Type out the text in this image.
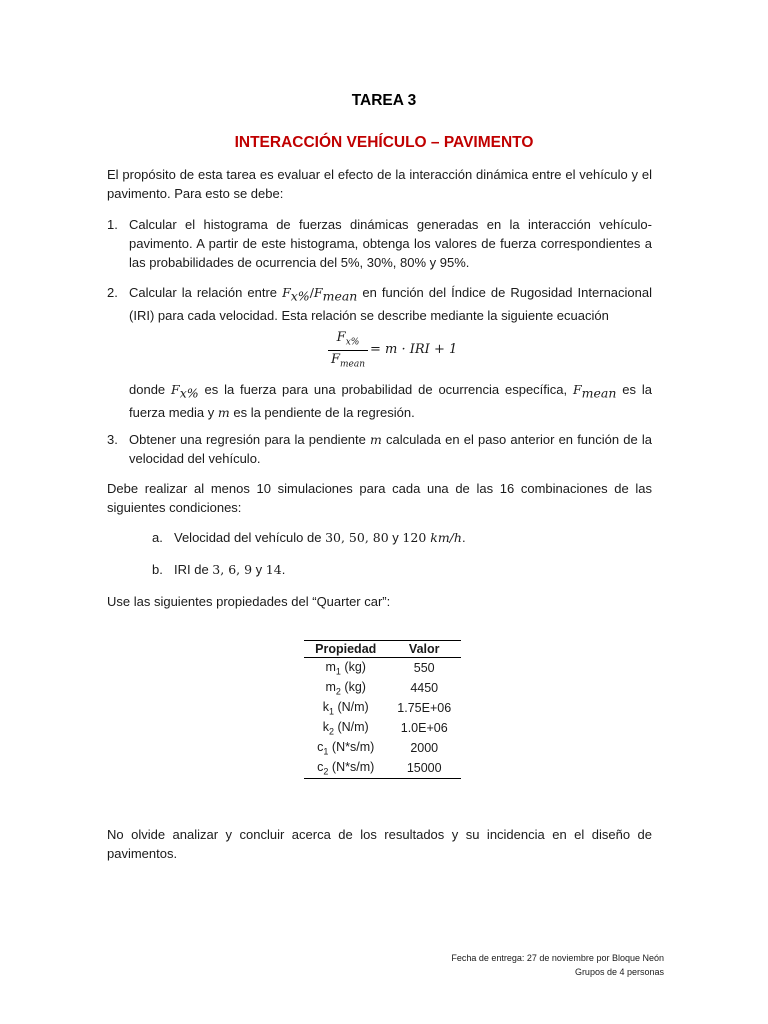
TAREA 3
INTERACCIÓN VEHÍCULO – PAVIMENTO
El propósito de esta tarea es evaluar el efecto de la interacción dinámica entre el vehículo y el pavimento. Para esto se debe:
1. Calcular el histograma de fuerzas dinámicas generadas en la interacción vehículo-pavimento. A partir de este histograma, obtenga los valores de fuerza correspondientes a las probabilidades de ocurrencia del 5%, 30%, 80% y 95%.
2. Calcular la relación entre $F_{x\%}/F_{mean}$ en función del Índice de Rugosidad Internacional (IRI) para cada velocidad. Esta relación se describe mediante la siguiente ecuación
$F_{x\%}$
$F_{mean}$
= m · IRI + 1
donde $F_{x\%}$ es la fuerza para una probabilidad de ocurrencia específica, $F_{mean}$ es la fuerza media y m es la pendiente de la regresión.
3. Obtener una regresión para la pendiente m calculada en el paso anterior en función de la velocidad del vehículo.
Debe realizar al menos 10 simulaciones para cada una de las 16 combinaciones de las siguientes condiciones:
a. Velocidad del vehículo de 30, 50, 80 y 120 km/h.
b. IRI de 3, 6, 9 y 14.
Use las siguientes propiedades del “Quarter car”:
Propiedad	Valor
$m_1$ (kg)	550
$m_2$ (kg)	4450
$k_1$ (N/m)	1.75E+06
$k_2$ (N/m)	1.0E+06
$c_1$ (N*s/m)	2000
$c_2$ (N*s/m)	15000
No olvide analizar y concluir acerca de los resultados y su incidencia en el diseño de pavimentos.
Fecha de entrega: 27 de noviembre por Bloque Neón
Grupos de 4 personas
